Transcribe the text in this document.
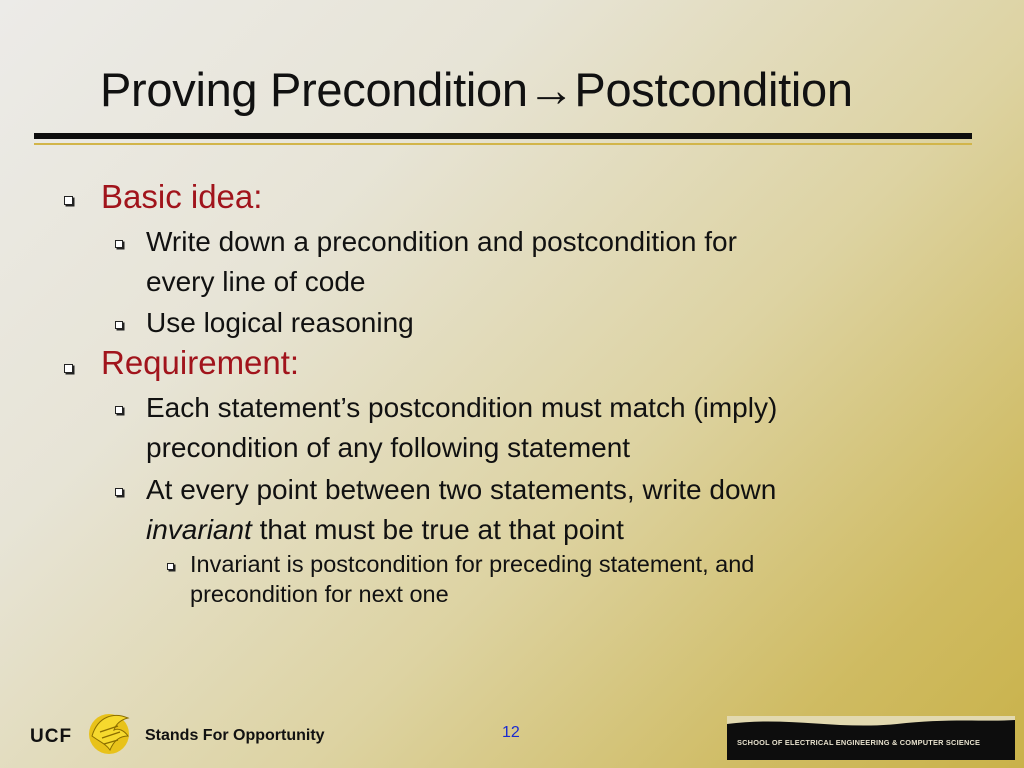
Proving Precondition→Postcondition
Basic idea:
Write down a precondition and postcondition for
every line of code
Use logical reasoning
Requirement:
Each statement’s postcondition must match (imply)
precondition of any following statement
At every point between two statements, write down
invariant that must be true at that point
Invariant is postcondition for preceding statement, and
precondition for next one
UCF	Stands For Opportunity	12
SCHOOL OF ELECTRICAL ENGINEERING & COMPUTER SCIENCE
